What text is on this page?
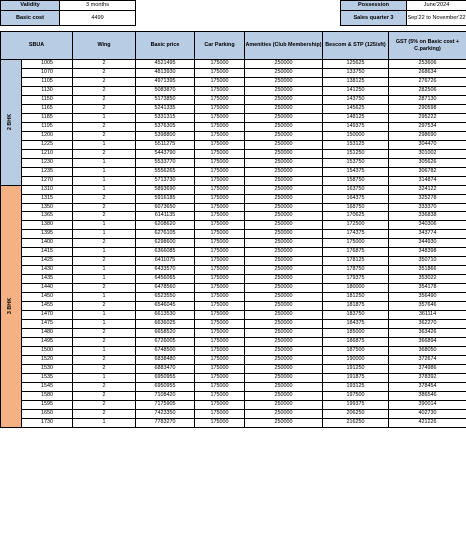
Validity	3 months		Possession	June'2024
Basic cost	4499		Sales quarter 3	Sep'22 to November'22
SBUA		Wing	Basic price	Car Parking	Amenities (Club Membership)	Bescom & STP (125/sft)	GST (5% on Basic cost + C.parking)	
2 BHK	1005	2	4521495	175000	250000	125625	253606	
	1070	2	4813930	175000	250000	133750	268634	
	1105	2	4971395	175000	250000	138125	276726	
	1130	2	5083870	175000	250000	141250	282506	
	1150	2	5173850	175000	250000	143750	287130	
	1165	2	5241335	175000	250000	145625	290598	
	1185	1	5331315	175000	250000	148125	295222	
	1195	2	5376305	175000	250000	149375	297534	
	1200	2	5398800	175000	250000	150000	298690	
	1225	1	5511275	175000	250000	153125	304470	
	1210	2	5443790	175000	250000	151250	301002	
	1230	1	5533770	175000	250000	153750	305626	
	1235	1	5556265	175000	250000	154375	306782	
	1270	1	5713730	175000	250000	158750	314874	
3 BHK	1310	1	5893690	175000	250000	163750	324122	
	1315	2	5916185	175000	250000	164375	325278	
	1350	2	6073650	175000	250000	168750	333370	
	1365	2	6141135	175000	250000	170625	336838	
	1380	1	6208620	175000	250000	172500	340306	
	1395	1	6276105	175000	250000	174375	343774	
	1400	2	6298600	175000	250000	175000	344930	
	1415	1	6366085	175000	250000	176875	348398	
	1425	2	6411075	175000	250000	178125	350710	
	1430	1	6433570	175000	250000	178750	351866	
	1435	1	6456065	175000	250000	179375	353022	
	1440	2	6478560	175000	250000	180000	354178	
	1450	1	6523550	175000	250000	181250	356490	
	1455	2	6546045	175000	250000	181875	357646	
	1470	1	6613530	175000	250000	183750	361114	
	1475	1	6636025	175000	250000	184375	362270	
	1480	2	6658520	175000	250000	185000	363426	
	1495	2	6726005	175000	250000	186875	366894	
	1500	1	6748500	175000	250000	187500	368050	
	1520	2	6838480	175000	250000	190000	372674	
	1530	2	6883470	175000	250000	191250	374986	
	1535	1	6950955	175000	250000	191875	378392	
	1545	2	6950955	175000	250000	193125	378454	
	1580	2	7108420	175000	250000	197500	386546	
	1595	2	7175905	175000	250000	199375	390014	
	1650	2	7423350	175000	250000	206250	402730	
	1730	1	7783270	175000	250000	216250	421226	
